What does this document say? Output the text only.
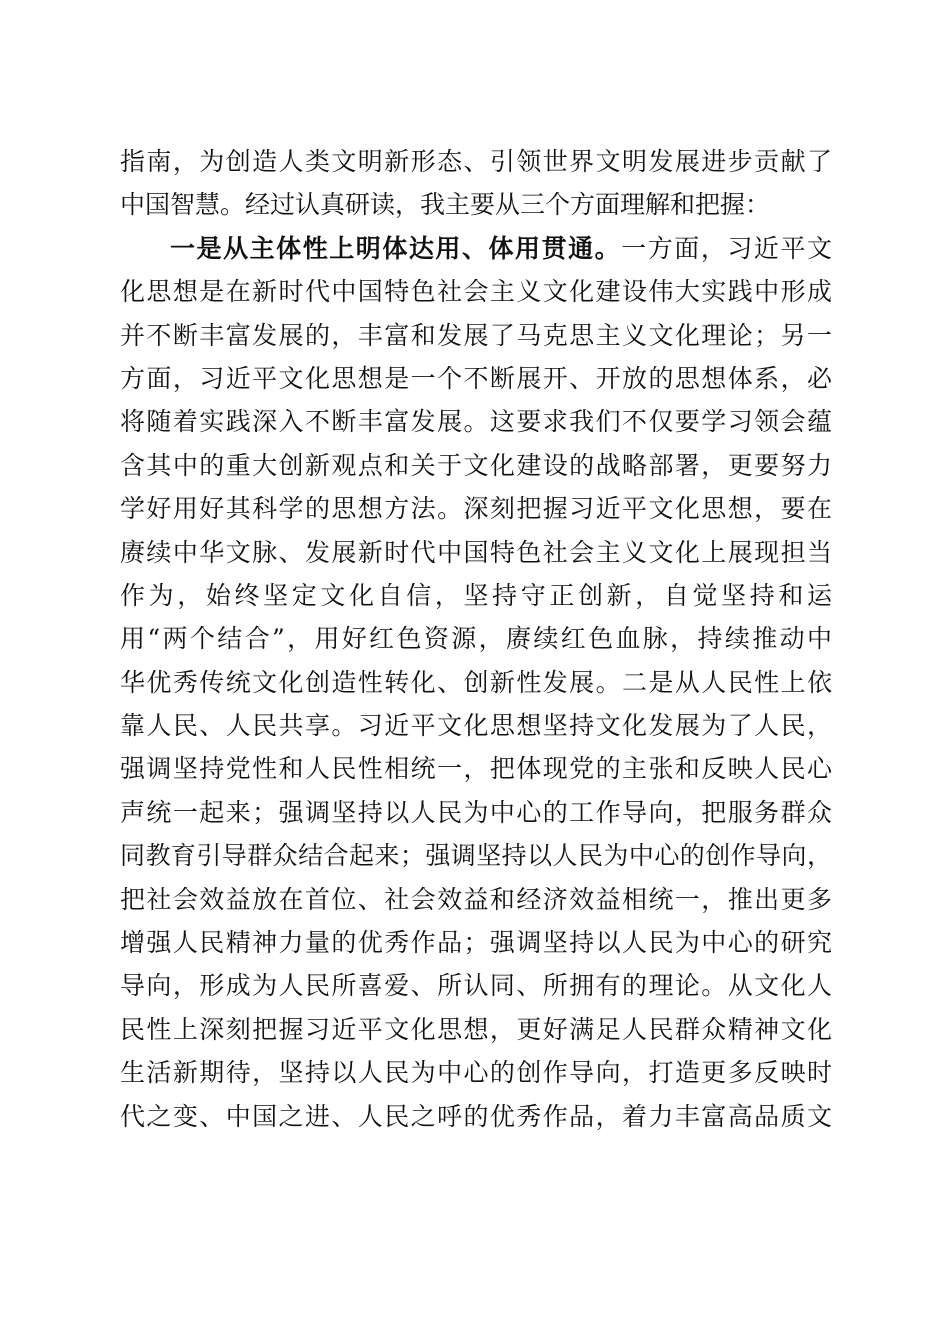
指南，为创造人类文明新形态、引领世界文明发展进步贡献了
中国智慧。经过认真研读，我主要从三个方面理解和把握：
一是从主体性上明体达用、体用贯通。一方面，习近平文
化思想是在新时代中国特色社会主义文化建设伟大实践中形成
并不断丰富发展的，丰富和发展了马克思主义文化理论；另一
方面，习近平文化思想是一个不断展开、开放的思想体系，必
将随着实践深入不断丰富发展。这要求我们不仅要学习领会蕴
含其中的重大创新观点和关于文化建设的战略部署，更要努力
学好用好其科学的思想方法。深刻把握习近平文化思想，要在
赓续中华文脉、发展新时代中国特色社会主义文化上展现担当
作为，始终坚定文化自信，坚持守正创新，自觉坚持和运
用“两个结合”，用好红色资源，赓续红色血脉，持续推动中
华优秀传统文化创造性转化、创新性发展。二是从人民性上依
靠人民、人民共享。习近平文化思想坚持文化发展为了人民，
强调坚持党性和人民性相统一，把体现党的主张和反映人民心
声统一起来；强调坚持以人民为中心的工作导向，把服务群众
同教育引导群众结合起来；强调坚持以人民为中心的创作导向，
把社会效益放在首位、社会效益和经济效益相统一，推出更多
增强人民精神力量的优秀作品；强调坚持以人民为中心的研究
导向，形成为人民所喜爱、所认同、所拥有的理论。从文化人
民性上深刻把握习近平文化思想，更好满足人民群众精神文化
生活新期待，坚持以人民为中心的创作导向，打造更多反映时
代之变、中国之进、人民之呼的优秀作品，着力丰富高品质文
